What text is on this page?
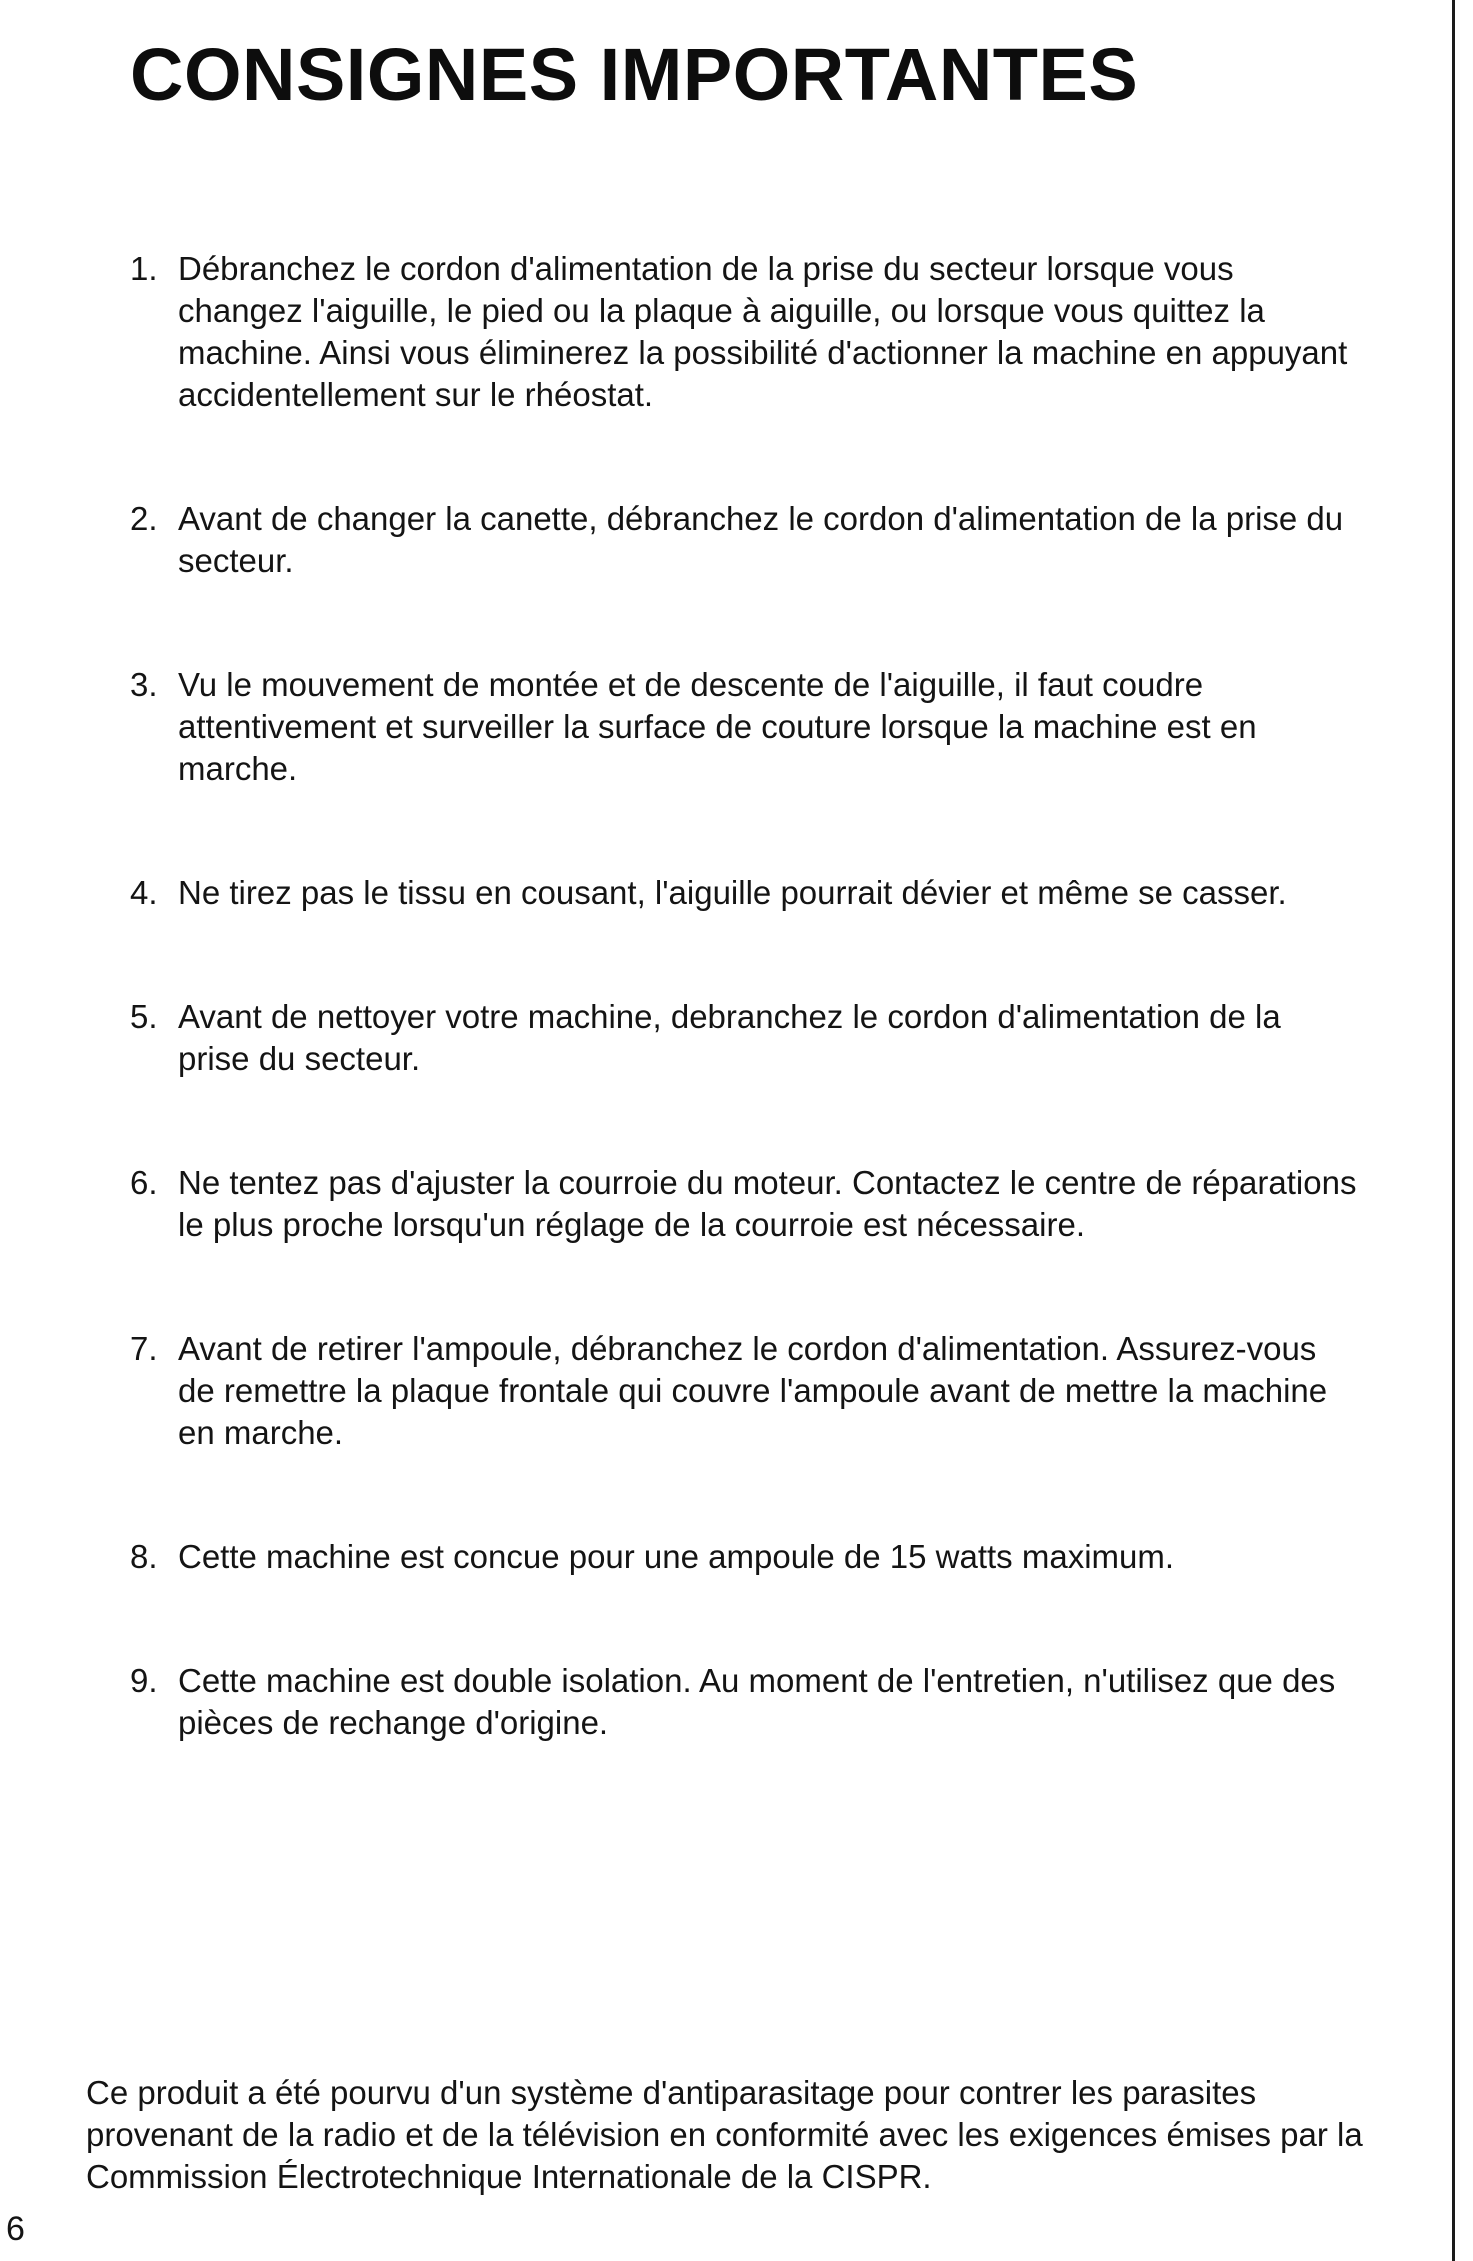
CONSIGNES IMPORTANTES
1. Débranchez le cordon d'alimentation de la prise du secteur lorsque vous changez l'aiguille, le pied ou la plaque à aiguille, ou lorsque vous quittez la machine. Ainsi vous éliminerez la possibilité d'actionner la machine en appuyant accidentellement sur le rhéostat.
2. Avant de changer la canette, débranchez le cordon d'alimentation de la prise du secteur.
3. Vu le mouvement de montée et de descente de l'aiguille, il faut coudre attentivement et surveiller la surface de couture lorsque la machine est en marche.
4. Ne tirez pas le tissu en cousant, l'aiguille pourrait dévier et même se casser.
5. Avant de nettoyer votre machine, debranchez le cordon d'alimentation de la prise du secteur.
6. Ne tentez pas d'ajuster la courroie du moteur. Contactez le centre de réparations le plus proche lorsqu'un réglage de la courroie est nécessaire.
7. Avant de retirer l'ampoule, débranchez le cordon d'alimentation. Assurez-vous de remettre la plaque frontale qui couvre l'ampoule avant de mettre la machine en marche.
8. Cette machine est concue pour une ampoule de 15 watts maximum.
9. Cette machine est double isolation. Au moment de l'entretien, n'utilisez que des pièces de rechange d'origine.

Ce produit a été pourvu d'un système d'antiparasitage pour contrer les parasites provenant de la radio et de la télévision en conformité avec les exigences émises par la Commission Électrotechnique Internationale de la CISPR.

6
